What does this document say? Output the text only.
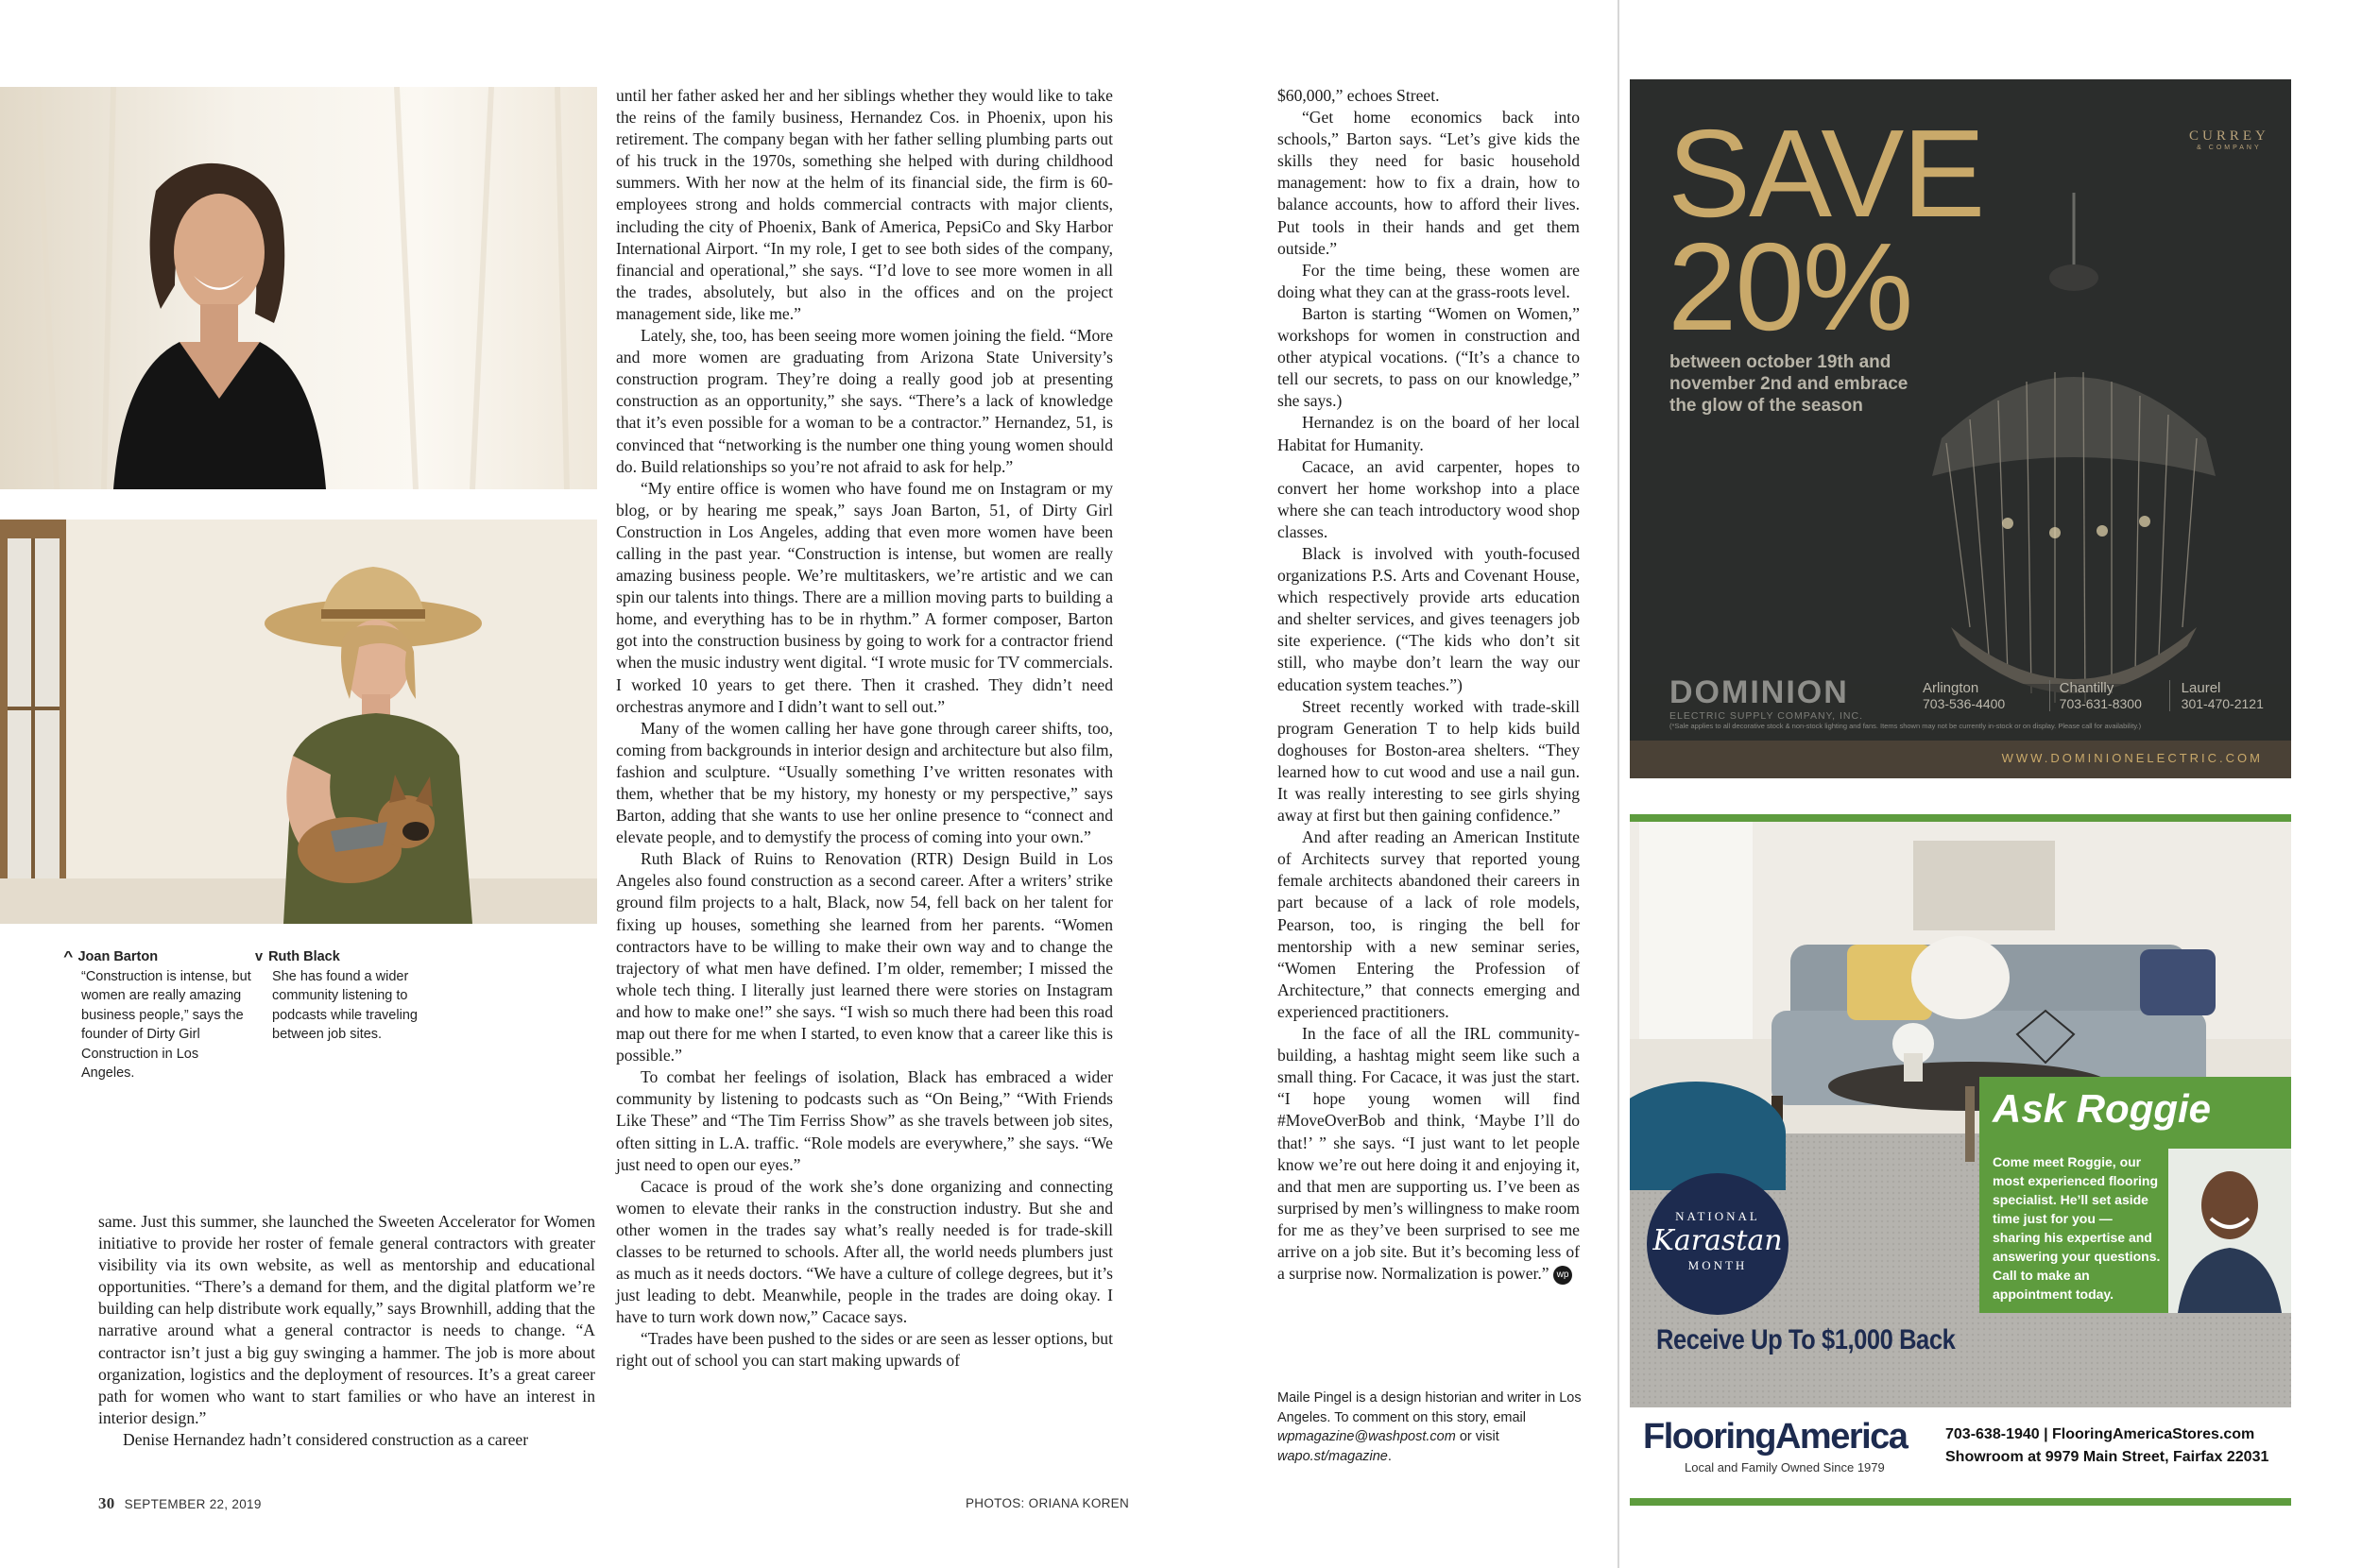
^ Joan Barton
“Construction is intense, but women are really amazing business people,” says the founder of Dirty Girl Construction in Los Angeles.
v Ruth Black
She has found a wider community listening to podcasts while traveling between job sites.

same. Just this summer, she launched the Sweeten Accelerator for Women initiative to provide her roster of female general contractors with greater visibility via its own website, as well as mentorship and educational opportunities. “There’s a demand for them, and the digital platform we’re building can help distribute work equally,” says Brownhill, adding that the narrative around what a general contractor is needs to change. “A contractor isn’t just a big guy swinging a hammer. The job is more about organization, logistics and the deployment of resources. It’s a great career path for women who want to start families or who have an interest in interior design.”

Denise Hernandez hadn’t considered construction as a career

until her father asked her and her siblings whether they would like to take the reins of the family business, Hernandez Cos. in Phoenix, upon his retirement. The company began with her father selling plumbing parts out of his truck in the 1970s, something she helped with during childhood summers. With her now at the helm of its financial side, the firm is 60-employees strong and holds commercial contracts with major clients, including the city of Phoenix, Bank of America, PepsiCo and Sky Harbor International Airport. “In my role, I get to see both sides of the company, financial and operational,” she says. “I’d love to see more women in all the trades, absolutely, but also in the offices and on the project management side, like me.”

Lately, she, too, has been seeing more women joining the field. “More and more women are graduating from Arizona State University’s construction program. They’re doing a really good job at presenting construction as an opportunity,” she says. “There’s a lack of knowledge that it’s even possible for a woman to be a contractor.” Hernandez, 51, is convinced that “networking is the number one thing young women should do. Build relationships so you’re not afraid to ask for help.”

“My entire office is women who have found me on Instagram or my blog, or by hearing me speak,” says Joan Barton, 51, of Dirty Girl Construction in Los Angeles, adding that even more women have been calling in the past year. “Construction is intense, but women are really amazing business people. We’re multitaskers, we’re artistic and we can spin our talents into things. There are a million moving parts to building a home, and everything has to be in rhythm.” A former composer, Barton got into the construction business by going to work for a contractor friend when the music industry went digital. “I wrote music for TV commercials. I worked 10 years to get there. Then it crashed. They didn’t need orchestras anymore and I didn’t want to sell out.”

Many of the women calling her have gone through career shifts, too, coming from backgrounds in interior design and architecture but also film, fashion and sculpture. “Usually something I’ve written resonates with them, whether that be my history, my honesty or my perspective,” says Barton, adding that she wants to use her online presence to “connect and elevate people, and to demystify the process of coming into your own.”

Ruth Black of Ruins to Renovation (RTR) Design Build in Los Angeles also found construction as a second career. After a writers’ strike ground film projects to a halt, Black, now 54, fell back on her talent for fixing up houses, something she learned from her parents. “Women contractors have to be willing to make their own way and to change the trajectory of what men have defined. I’m older, remember; I missed the whole tech thing. I literally just learned there were stories on Instagram and how to make one!” she says. “I wish so much there had been this road map out there for me when I started, to even know that a career like this is possible.”

To combat her feelings of isolation, Black has embraced a wider community by listening to podcasts such as “On Being,” “With Friends Like These” and “The Tim Ferriss Show” as she travels between job sites, often sitting in L.A. traffic. “Role models are everywhere,” she says. “We just need to open our eyes.”

Cacace is proud of the work she’s done organizing and connecting women to elevate their ranks in the construction industry. But she and other women in the trades say what’s really needed is for trade-skill classes to be returned to schools. After all, the world needs plumbers just as much as it needs doctors. “We have a culture of college degrees, but it’s just leading to debt. Meanwhile, people in the trades are doing okay. I have to turn work down now,” Cacace says.

“Trades have been pushed to the sides or are seen as lesser options, but right out of school you can start making upwards of

$60,000,” echoes Street.

“Get home economics back into schools,” Barton says. “Let’s give kids the skills they need for basic household management: how to fix a drain, how to balance accounts, how to afford their lives. Put tools in their hands and get them outside.”

For the time being, these women are doing what they can at the grass-roots level.

Barton is starting “Women on Women,” workshops for women in construction and other atypical vocations. (“It’s a chance to tell our secrets, to pass on our knowledge,” she says.)

Hernandez is on the board of her local Habitat for Humanity.

Cacace, an avid carpenter, hopes to convert her home workshop into a place where she can teach introductory wood shop classes.

Black is involved with youth-focused organizations P.S. Arts and Covenant House, which respectively provide arts education and shelter services, and gives teenagers job site experience. (“The kids who don’t sit still, who maybe don’t learn the way our education system teaches.”)

Street recently worked with trade-skill program Generation T to help kids build doghouses for Boston-area shelters. “They learned how to cut wood and use a nail gun. It was really interesting to see girls shying away at first but then gaining confidence.”

And after reading an American Institute of Architects survey that reported young female architects abandoned their careers in part because of a lack of role models, Pearson, too, is ringing the bell for mentorship with a new seminar series, “Women Entering the Profession of Architecture,” that connects emerging and experienced practitioners.

In the face of all the IRL community-building, a hashtag might seem like such a small thing. For Cacace, it was just the start. “I hope young women will find #MoveOverBob and think, ‘Maybe I’ll do that!’ ” she says. “I just want to let people know we’re out here doing it and enjoying it, and that men are supporting us. I’ve been as surprised by men’s willingness to make room for me as they’ve been surprised to see me arrive on a job site. But it’s becoming less of a surprise now. Normalization is power.” wp

Maile Pingel is a design historian and writer in Los Angeles. To comment on this story, email wpmagazine@washpost.com or visit wapo.st/magazine.
30 SEPTEMBER 22, 2019	PHOTOS: ORIANA KOREN
SAVE
20%
CURREY
& COMPANY
between october 19th and
november 2nd and embrace
the glow of the season
DOMINION
ELECTRIC SUPPLY COMPANY, INC.
Arlington
703-536-4400
Chantilly
703-631-8300
Laurel
301-470-2121
(*Sale applies to all decorative stock & non-stock lighting and fans. Items shown may not be currently in-stock or on display. Please call for availability.)
WWW.DOMINIONELECTRIC.COM
Ask Roggie
Come meet Roggie, our most experienced flooring specialist. He’ll set aside time just for you — sharing his expertise and answering your questions. Call to make an appointment today.
NATIONAL
Karastan
MONTH
Receive Up To $1,000 Back
FlooringAmerica
Local and Family Owned Since 1979
703-638-1940 | FlooringAmericaStores.com
Showroom at 9979 Main Street, Fairfax 22031
